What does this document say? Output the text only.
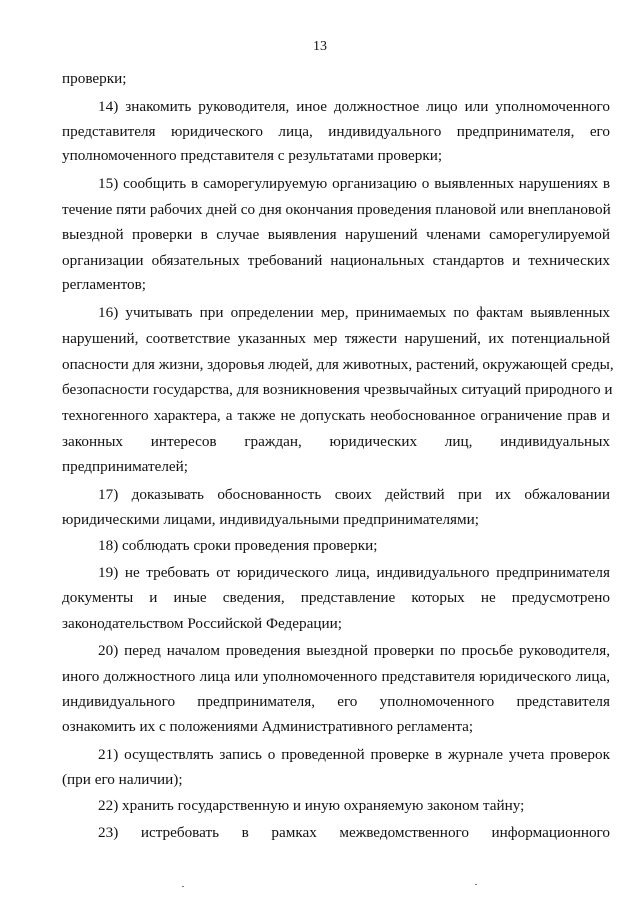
13
проверки;
14) знакомить руководителя, иное должностное лицо или уполномоченного
представителя юридического лица, индивидуального предпринимателя, его
уполномоченного представителя с результатами проверки;
15) сообщить в саморегулируемую организацию о выявленных нарушениях в
течение пяти рабочих дней со дня окончания проведения плановой или внеплановой
выездной проверки в случае выявления нарушений членами саморегулируемой
организации обязательных требований национальных стандартов и технических
регламентов;
16) учитывать при определении мер, принимаемых по фактам выявленных
нарушений, соответствие указанных мер тяжести нарушений, их потенциальной
опасности для жизни, здоровья людей, для животных, растений, окружающей среды,
безопасности государства, для возникновения чрезвычайных ситуаций природного и
техногенного характера, а также не допускать необоснованное ограничение прав и
законных интересов граждан, юридических лиц, индивидуальных
предпринимателей;
17) доказывать обоснованность своих действий при их обжаловании
юридическими лицами, индивидуальными предпринимателями;
18) соблюдать сроки проведения проверки;
19) не требовать от юридического лица, индивидуального предпринимателя
документы и иные сведения, представление которых не предусмотрено
законодательством Российской Федерации;
20) перед началом проведения выездной проверки по просьбе руководителя,
иного должностного лица или уполномоченного представителя юридического лица,
индивидуального предпринимателя, его уполномоченного представителя
ознакомить их с положениями Административного регламента;
21) осуществлять запись о проведенной проверке в журнале учета проверок
(при его наличии);
22) хранить государственную и иную охраняемую законом тайну;
23) истребовать в рамках межведомственного информационного
